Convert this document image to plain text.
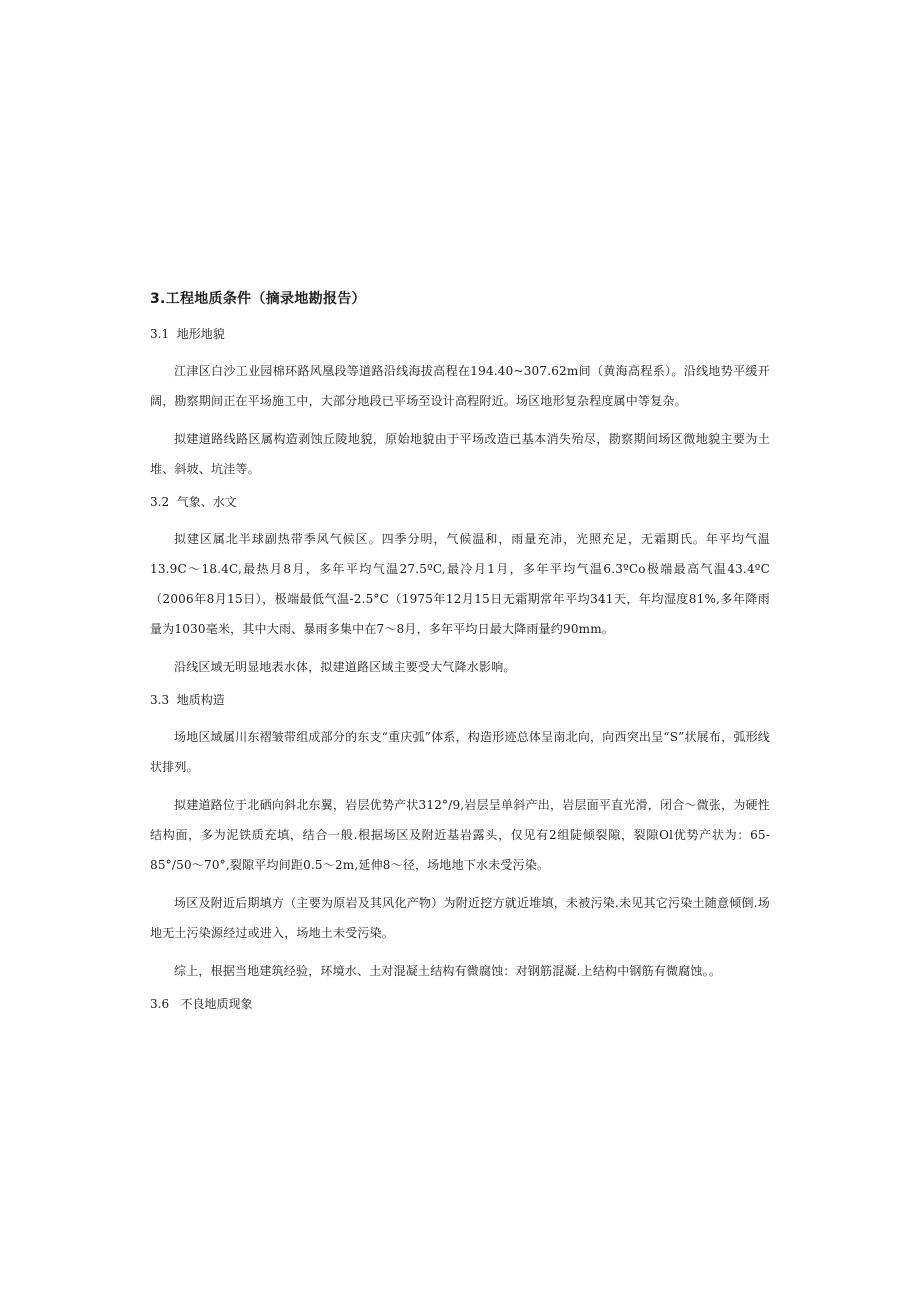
3.工程地质条件（摘录地勘报告）
3.1  地形地貌
江津区白沙工业园棉环路风凰段等道路沿线海拔高程在194.40~307.62m间（黄海高程系）。沿线地势平缓开阔，勘察期间正在平场施工中，大部分地段已平场至设计高程附近。场区地形复杂程度属中等复杂。
拟建道路线路区属构造剥蚀丘陵地貌，原始地貌由于平场改造已基本消失殆尽，勘察期间场区微地貌主要为土堆、斜坡、坑洼等。
3.2  气象、水文
拟建区属北半球副热带季风气候区。四季分明，气候温和，雨量充沛，光照充足，无霜期氏。年平均气温13.9C～18.4C,最热月8月，多年平均气温27.5ºC,最冷月1月，多年平均气温6.3ºCo极端最高气温43.4ºC（2006年8月15日），极端最低气温-2.5°C（1975年12月15日无霜期常年平均341天，年均湿度81%,多年降雨量为1030毫米，其中大雨、暴雨多集中在7～8月，多年平均日最大降雨量约90mm。
沿线区域无明显地表水体，拟建道路区域主要受大气降水影响。
3.3  地质构造
场地区域属川东褶皱带组成部分的东支“重庆弧”体系，构造形迹总体呈南北向，向西突出呈“S”状展布，弧形线状排列。
拟建道路位于北硒向斜北东翼，岩层优势产状312°/9,岩层呈单斜产出，岩层面平直光滑，闭合～微张，为硬性结构面，多为泥铁质充填，结合一般.根据场区及附近基岩露头，仅见有2组陡倾裂隙，裂隙Ol优势产状为：65-85°/50～70°,裂隙平均间距0.5～2m,延伸8～径，场地地下水未受污染。
场区及附近后期填方（主要为原岩及其风化产物）为附近挖方就近堆填，未被污染.未见其它污染土随意倾倒.场地无土污染源经过或进入，场地土未受污染。
综上，根据当地建筑经验，环境水、土对混凝土结构有微腐蚀：对钢筋混凝.上结构中钢筋有微腐蚀。。
3.6   不良地质现象
